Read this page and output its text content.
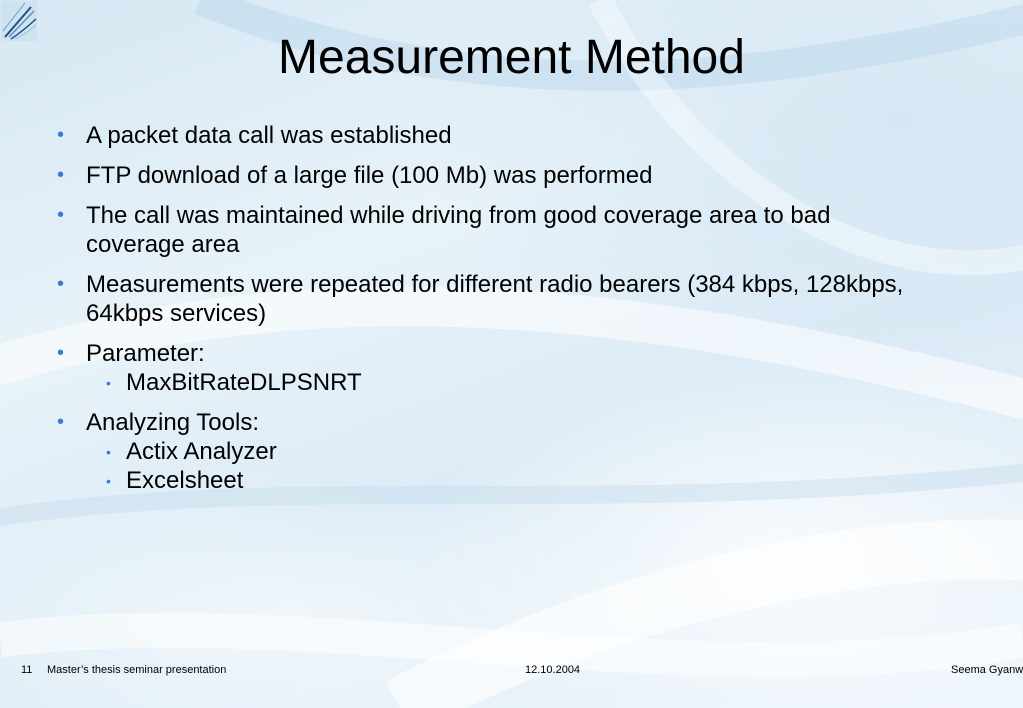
Measurement Method
• A packet data call was established
• FTP download of a large file (100 Mb) was performed
• The call was maintained while driving from good coverage area to bad coverage area
• Measurements were repeated for different radio bearers (384 kbps, 128kbps, 64kbps services)
• Parameter:
• MaxBitRateDLPSNRT
• Analyzing Tools:
• Actix Analyzer
• Excelsheet
11 Master’s thesis seminar presentation	12.10.2004	Seema Gyanw
